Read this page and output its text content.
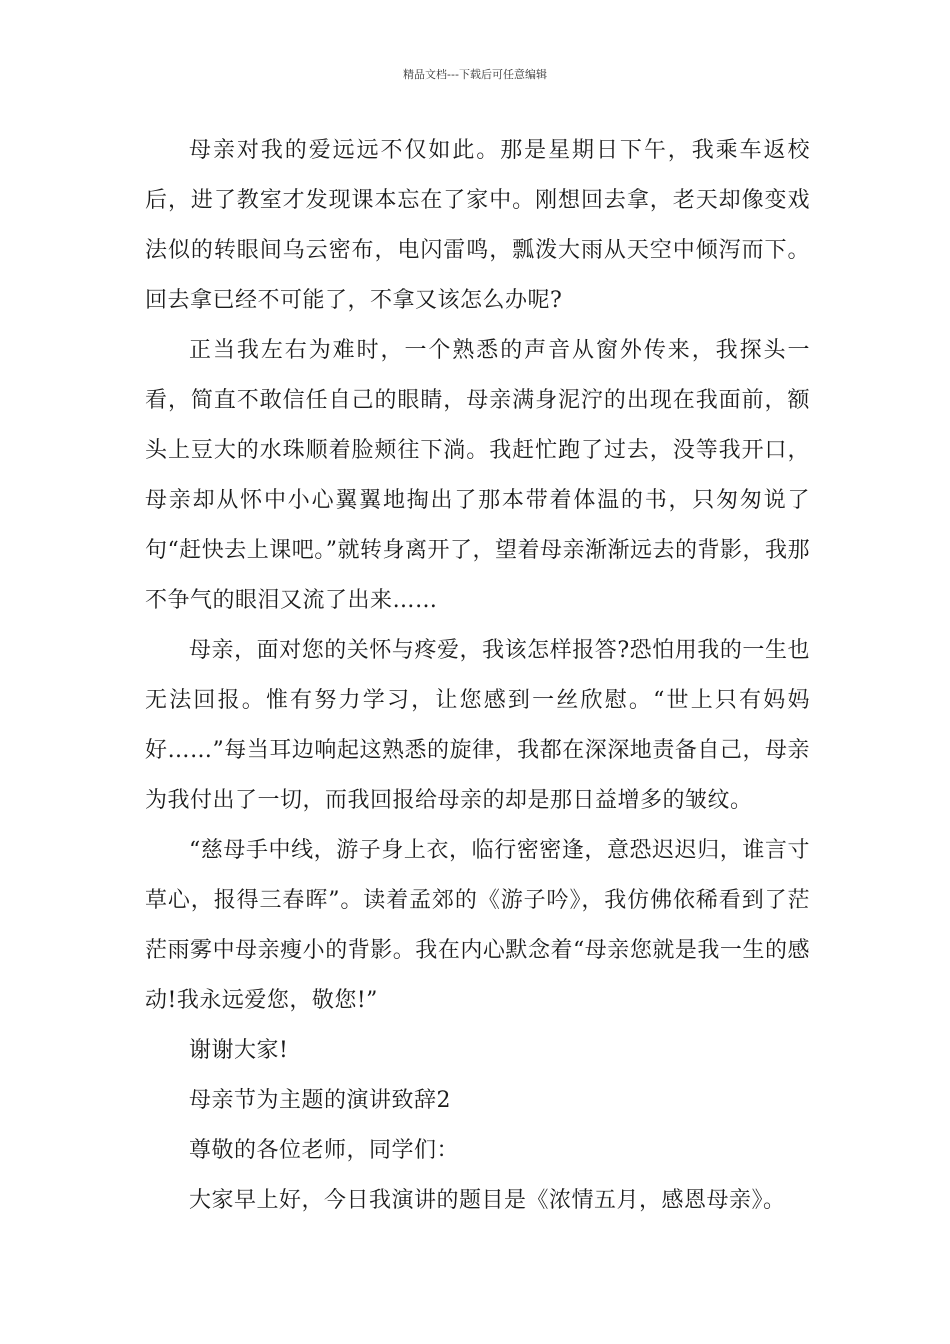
精品文档---下载后可任意编辑

母亲对我的爱远远不仅如此。那是星期日下午，我乘车返校后，进了教室才发现课本忘在了家中。刚想回去拿，老天却像变戏法似的转眼间乌云密布，电闪雷鸣，瓢泼大雨从天空中倾泻而下。回去拿已经不可能了，不拿又该怎么办呢?

正当我左右为难时，一个熟悉的声音从窗外传来，我探头一看，简直不敢信任自己的眼睛，母亲满身泥泞的出现在我面前，额头上豆大的水珠顺着脸颊往下淌。我赶忙跑了过去，没等我开口，母亲却从怀中小心翼翼地掏出了那本带着体温的书，只匆匆说了句“赶快去上课吧。”就转身离开了，望着母亲渐渐远去的背影，我那不争气的眼泪又流了出来……

母亲，面对您的关怀与疼爱，我该怎样报答?恐怕用我的一生也无法回报。惟有努力学习，让您感到一丝欣慰。“世上只有妈妈好……”每当耳边响起这熟悉的旋律，我都在深深地责备自己，母亲为我付出了一切，而我回报给母亲的却是那日益增多的皱纹。

“慈母手中线，游子身上衣，临行密密逢，意恐迟迟归，谁言寸草心，报得三春晖”。读着孟郊的《游子吟》，我仿佛依稀看到了茫茫雨雾中母亲瘦小的背影。我在内心默念着“母亲您就是我一生的感动!我永远爱您，敬您!”

谢谢大家!

母亲节为主题的演讲致辞2

尊敬的各位老师，同学们：

大家早上好，今日我演讲的题目是《浓情五月，感恩母亲》。
